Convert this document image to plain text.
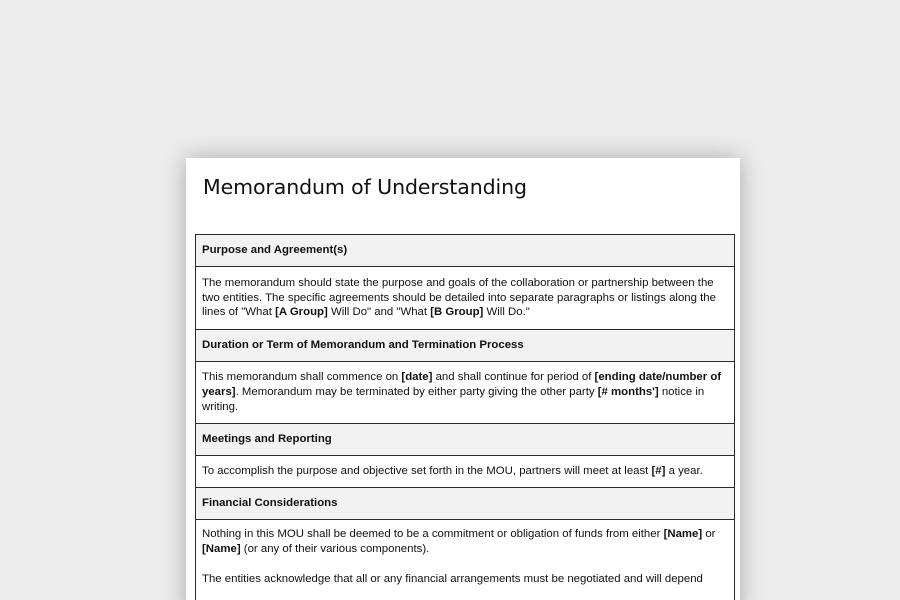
Memorandum of Understanding
Purpose and Agreement(s)
The memorandum should state the purpose and goals of the collaboration or partnership between the two entities. The specific agreements should be detailed into separate paragraphs or listings along the lines of "What [A Group] Will Do" and "What [B Group] Will Do."
Duration or Term of Memorandum and Termination Process
This memorandum shall commence on [date] and shall continue for period of [ending date/number of years]. Memorandum may be terminated by either party giving the other party [# months'] notice in writing.
Meetings and Reporting
To accomplish the purpose and objective set forth in the MOU, partners will meet at least [#] a year.
Financial Considerations

Nothing in this MOU shall be deemed to be a commitment or obligation of funds from either [Name] or [Name] (or any of their various components).

The entities acknowledge that all or any financial arrangements must be negotiated and will depend
